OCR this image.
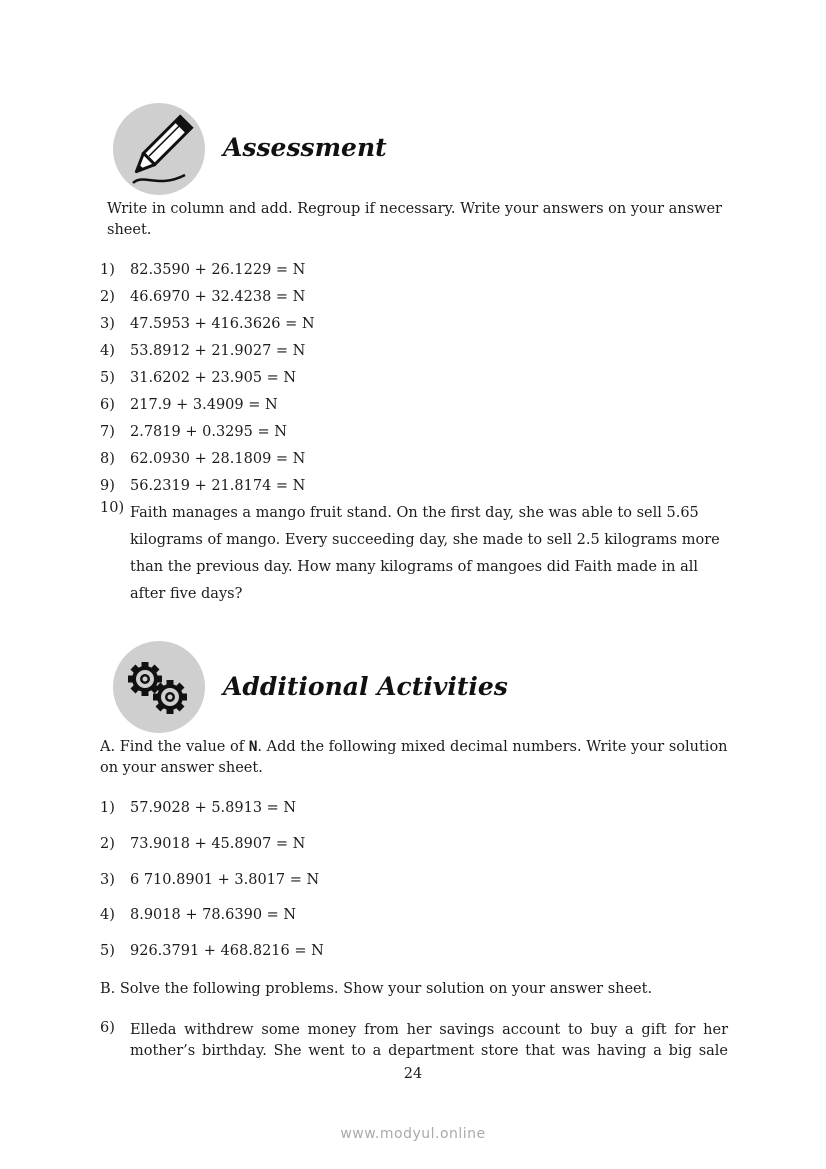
Assessment
Write in column and add. Regroup if necessary. Write your answers on your answer sheet.
1) 82.3590 + 26.1229 = N
2) 46.6970 + 32.4238 = N
3) 47.5953 + 416.3626 = N
4) 53.8912 + 21.9027 = N
5) 31.6202 + 23.905 = N
6) 217.9 + 3.4909 = N
7) 2.7819 + 0.3295 = N
8) 62.0930 + 28.1809 = N
9) 56.2319 + 21.8174 = N
10) Faith manages a mango fruit stand. On the first day, she was able to sell 5.65 kilograms of mango. Every succeeding day, she made to sell 2.5 kilograms more than the previous day. How many kilograms of mangoes did Faith made in all after five days?
Additional Activities
A. Find the value of N. Add the following mixed decimal numbers. Write your solution on your answer sheet.
1) 57.9028 + 5.8913 = N
2) 73.9018 + 45.8907 = N
3) 6 710.8901 + 3.8017 = N
4) 8.9018 + 78.6390 = N
5) 926.3791 + 468.8216 = N
B. Solve the following problems. Show your solution on your answer sheet.
6) Elleda withdrew some money from her savings account to buy a gift for her mother’s birthday. She went to a department store that was having a big sale
24
www.modyul.online
